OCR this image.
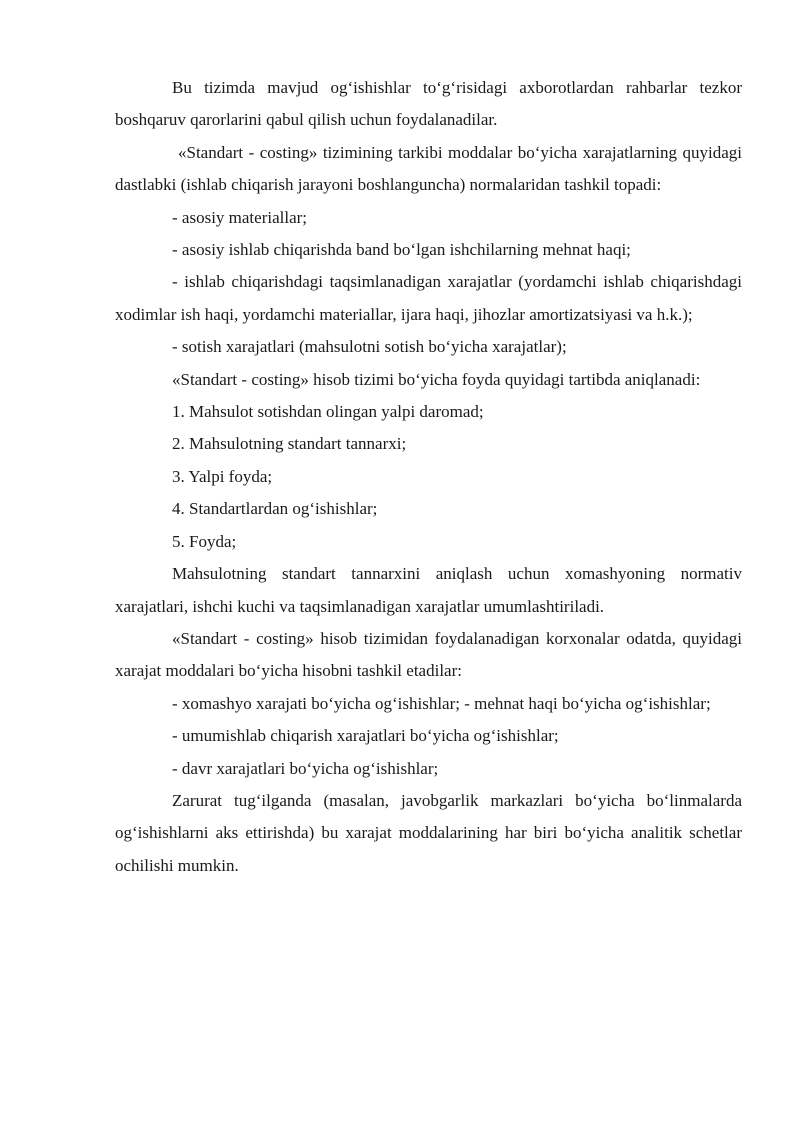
Bu tizimda mavjud og‘ishishlar to‘g‘risidagi axborotlardan rahbarlar tezkor boshqaruv qarorlarini qabul qilish uchun foydalanadilar.

«Standart - costing» tizimining tarkibi moddalar bo‘yicha xarajatlarning quyidagi dastlabki (ishlab chiqarish jarayoni boshlanguncha) normalaridan tashkil topadi:

- asosiy materiallar;

- asosiy ishlab chiqarishda band bo‘lgan ishchilarning mehnat haqi;

- ishlab chiqarishdagi taqsimlanadigan xarajatlar (yordamchi ishlab chiqarishdagi xodimlar ish haqi, yordamchi materiallar, ijara haqi, jihozlar amortizatsiyasi va h.k.);

- sotish xarajatlari (mahsulotni sotish bo‘yicha xarajatlar);

«Standart - costing» hisob tizimi bo‘yicha foyda quyidagi tartibda aniqlanadi:

1. Mahsulot sotishdan olingan yalpi daromad;

2. Mahsulotning standart tannarxi;

3. Yalpi foyda;

4. Standartlardan og‘ishishlar;

5. Foyda;

Mahsulotning standart tannarxini aniqlash uchun xomashyoning normativ xarajatlari, ishchi kuchi va taqsimlanadigan xarajatlar umumlashtiriladi.

«Standart - costing» hisob tizimidan foydalanadigan korxonalar odatda, quyidagi xarajat moddalari bo‘yicha hisobni tashkil etadilar:

- xomashyo xarajati bo‘yicha og‘ishishlar; - mehnat haqi bo‘yicha og‘ishishlar;

- umumishlab chiqarish xarajatlari bo‘yicha og‘ishishlar;

- davr xarajatlari bo‘yicha og‘ishishlar;

Zarurat tug‘ilganda (masalan, javobgarlik markazlari bo‘yicha bo‘linmalarda og‘ishishlarni aks ettirishda) bu xarajat moddalarining har biri bo‘yicha analitik schetlar ochilishi mumkin.
